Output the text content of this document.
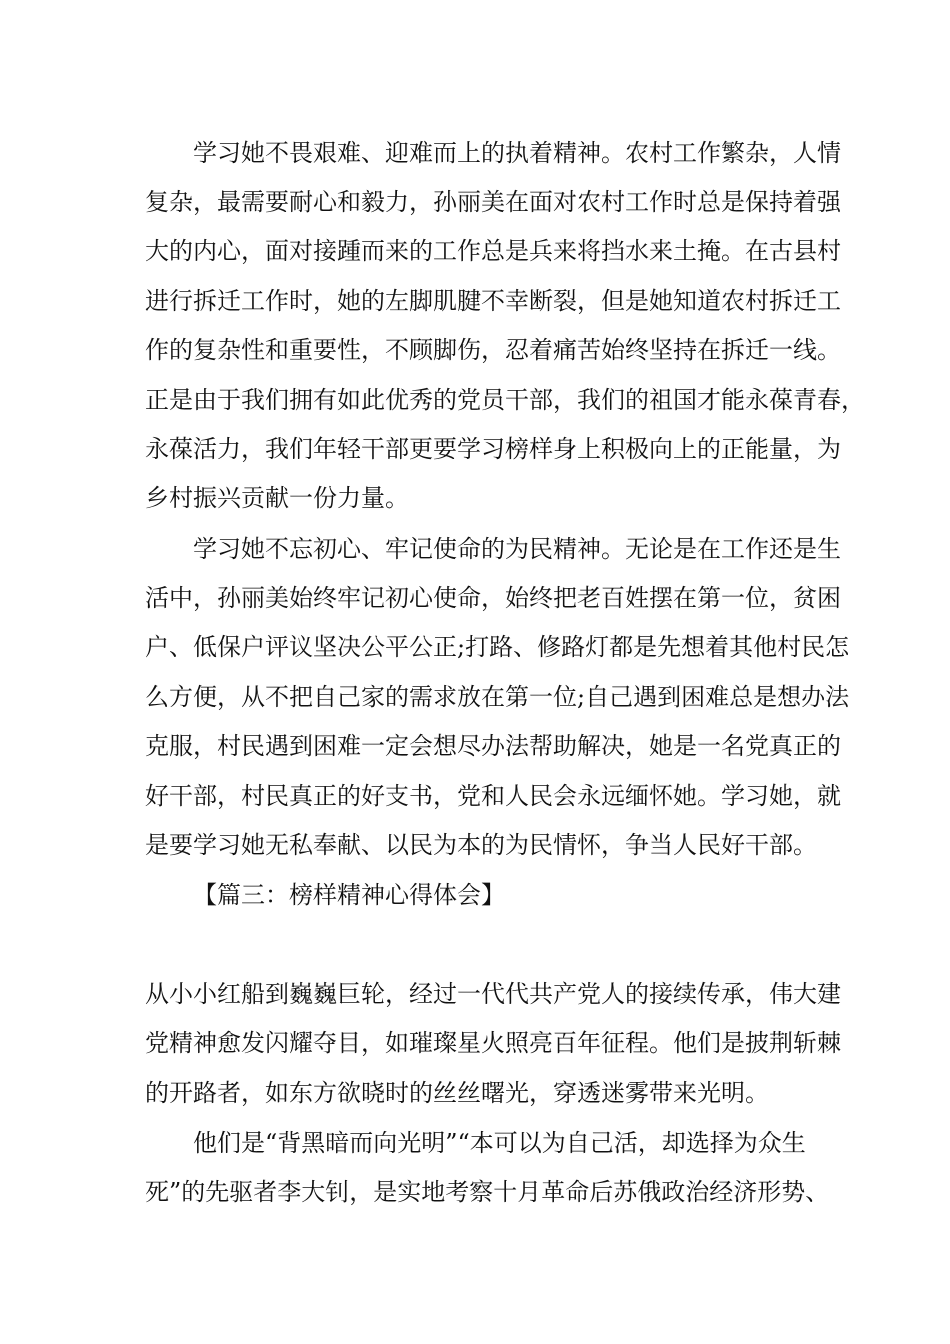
学习她不畏艰难、迎难而上的执着精神。农村工作繁杂，人情
复杂，最需要耐心和毅力，孙丽美在面对农村工作时总是保持着强
大的内心，面对接踵而来的工作总是兵来将挡水来土掩。在古县村
进行拆迁工作时，她的左脚肌腱不幸断裂，但是她知道农村拆迁工
作的复杂性和重要性，不顾脚伤，忍着痛苦始终坚持在拆迁一线。
正是由于我们拥有如此优秀的党员干部，我们的祖国才能永葆青春，
永葆活力，我们年轻干部更要学习榜样身上积极向上的正能量，为
乡村振兴贡献一份力量。
学习她不忘初心、牢记使命的为民精神。无论是在工作还是生
活中，孙丽美始终牢记初心使命，始终把老百姓摆在第一位，贫困
户、低保户评议坚决公平公正;打路、修路灯都是先想着其他村民怎
么方便，从不把自己家的需求放在第一位;自己遇到困难总是想办法
克服，村民遇到困难一定会想尽办法帮助解决，她是一名党真正的
好干部，村民真正的好支书，党和人民会永远缅怀她。学习她，就
是要学习她无私奉献、以民为本的为民情怀，争当人民好干部。
【篇三：榜样精神心得体会】
从小小红船到巍巍巨轮，经过一代代共产党人的接续传承，伟大建
党精神愈发闪耀夺目，如璀璨星火照亮百年征程。他们是披荆斩棘
的开路者，如东方欲晓时的丝丝曙光，穿透迷雾带来光明。
他们是“背黑暗而向光明”“本可以为自己活，却选择为众生
死”的先驱者李大钊，是实地考察十月革命后苏俄政治经济形势、
